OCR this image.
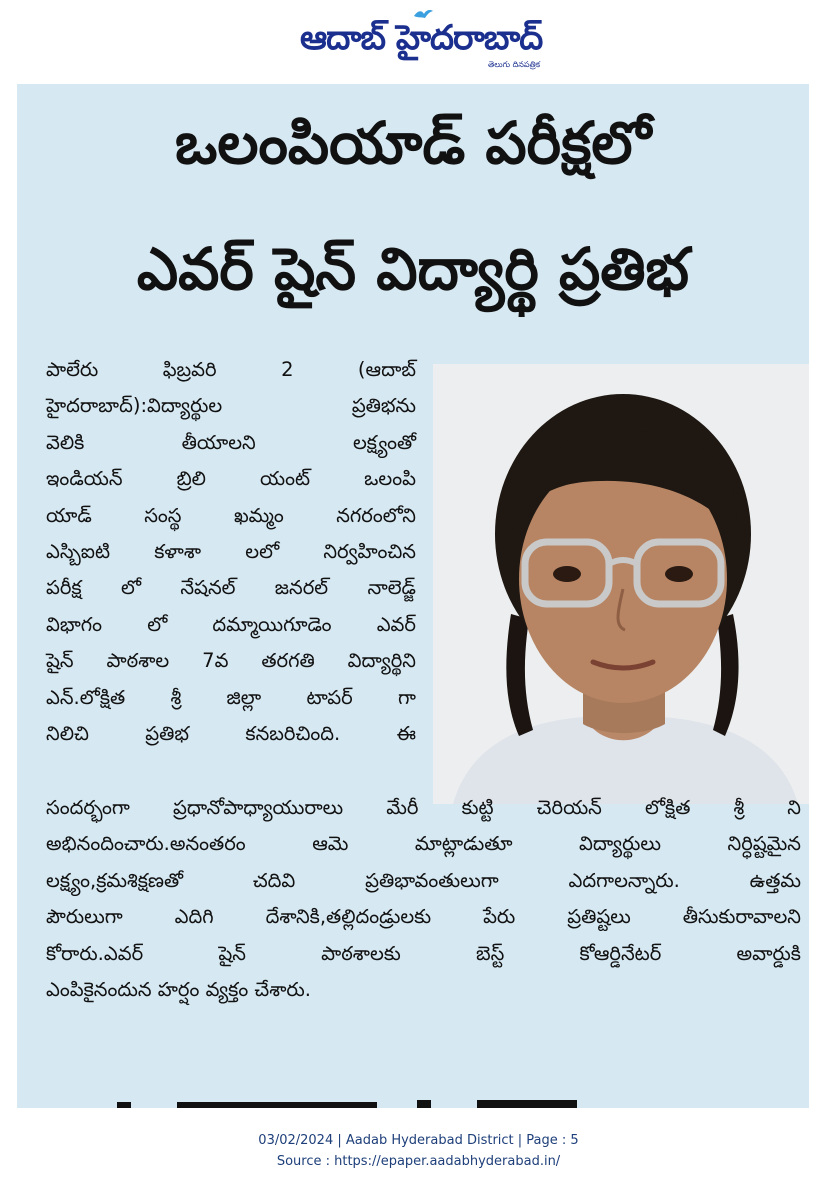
ఆదాబ్ హైదరాబాద్
తెలుగు దినపత్రిక
ఒలంపియాడ్ పరీక్షలో
ఎవర్ షైన్ విద్యార్థి ప్రతిభ
పాలేరు ఫిబ్రవరి 2 (ఆదాబ్
హైదరాబాద్):విద్యార్థుల ప్రతిభను
వెలికి తీయాలని లక్ష్యంతో
ఇండియన్ బ్రిలి యంట్ ఒలంపి
యాడ్ సంస్థ ఖమ్మం నగరంలోని
ఎస్బిఐటి కళాశా లలో నిర్వహించిన
పరీక్ష లో నేషనల్ జనరల్ నాలెడ్జ్
విభాగం లో దమ్మాయిగూడెం ఎవర్
షైన్ పాఠశాల 7వ తరగతి విద్యార్థిని
ఎన్.లోక్షిత శ్రీ జిల్లా టాపర్ గా
నిలిచి ప్రతిభ కనబరిచింది. ఈ
సందర్భంగా ప్రధానోపాధ్యాయురాలు మేరీ కుట్టి చెరియన్ లోక్షిత శ్రీ ని
అభినందించారు.అనంతరం ఆమె మాట్లాడుతూ విద్యార్థులు నిర్ధిష్టమైన
లక్ష్యం,క్రమశిక్షణతో చదివి ప్రతిభావంతులుగా ఎదగాలన్నారు. ఉత్తమ
పౌరులుగా ఎదిగి దేశానికి,తల్లిదండ్రులకు పేరు ప్రతిష్టలు తీసుకురావాలని
కోరారు.ఎవర్ షైన్ పాఠశాలకు బెస్ట్ కోఆర్డినేటర్ అవార్డుకి
ఎంపికైనందున హర్షం వ్యక్తం చేశారు.
03/02/2024 | Aadab Hyderabad District | Page : 5
Source : https://epaper.aadabhyderabad.in/
